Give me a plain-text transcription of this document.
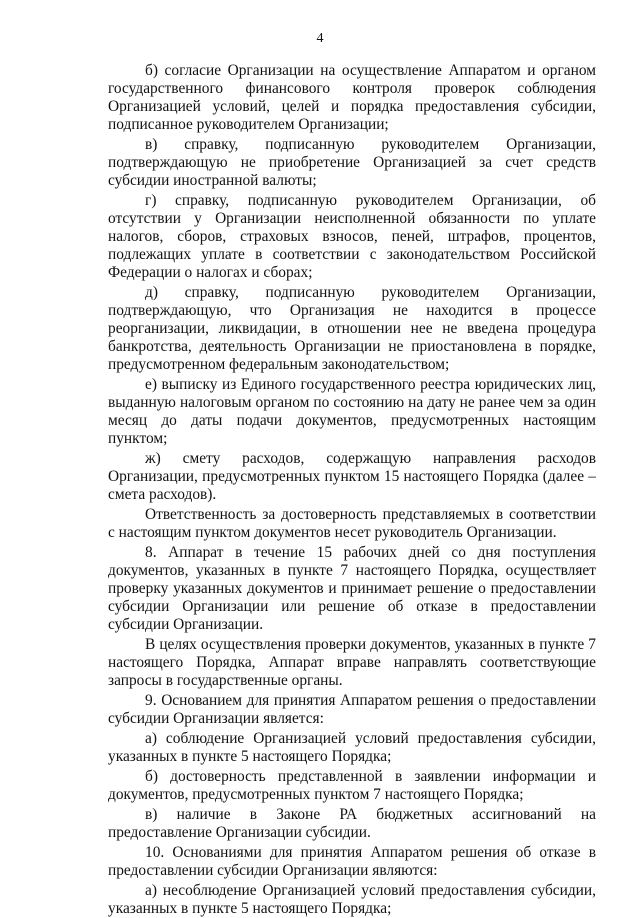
4

б) согласие Организации на осуществление Аппаратом и органом государственного финансового контроля проверок соблюдения Организацией условий, целей и порядка предоставления субсидии, подписанное руководителем Организации;

в) справку, подписанную руководителем Организации, подтверждающую не приобретение Организацией за счет средств субсидии иностранной валюты;

г) справку, подписанную руководителем Организации, об отсутствии у Организации неисполненной обязанности по уплате налогов, сборов, страховых взносов, пеней, штрафов, процентов, подлежащих уплате в соответствии с законодательством Российской Федерации о налогах и сборах;

д) справку, подписанную руководителем Организации, подтверждающую, что Организация не находится в процессе реорганизации, ликвидации, в отношении нее не введена процедура банкротства, деятельность Организации не приостановлена в порядке, предусмотренном федеральным законодательством;

е) выписку из Единого государственного реестра юридических лиц, выданную налоговым органом по состоянию на дату не ранее чем за один месяц до даты подачи документов, предусмотренных настоящим пунктом;

ж) смету расходов, содержащую направления расходов Организации, предусмотренных пунктом 15 настоящего Порядка (далее – смета расходов).

Ответственность за достоверность представляемых в соответствии с настоящим пунктом документов несет руководитель Организации.

8. Аппарат в течение 15 рабочих дней со дня поступления документов, указанных в пункте 7 настоящего Порядка, осуществляет проверку указанных документов и принимает решение о предоставлении субсидии Организации или решение об отказе в предоставлении субсидии Организации.

В целях осуществления проверки документов, указанных в пункте 7 настоящего Порядка, Аппарат вправе направлять соответствующие запросы в государственные органы.

9. Основанием для принятия Аппаратом решения о предоставлении субсидии Организации является:

а) соблюдение Организацией условий предоставления субсидии, указанных в пункте 5 настоящего Порядка;

б) достоверность представленной в заявлении информации и документов, предусмотренных пунктом 7 настоящего Порядка;

в) наличие в Законе РА бюджетных ассигнований на предоставление Организации субсидии.

10. Основаниями для принятия Аппаратом решения об отказе в предоставлении субсидии Организации являются:

а) несоблюдение Организацией условий предоставления субсидии, указанных в пункте 5 настоящего Порядка;
